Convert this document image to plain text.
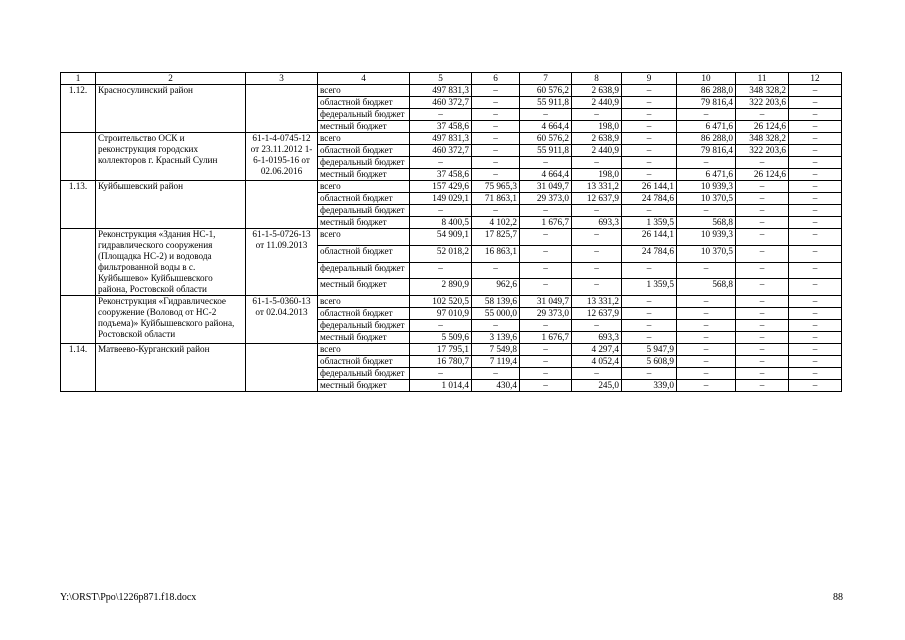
1	2	3	4	5	6	7	8	9	10	11	12
1.12.	Красносулинский район		всего	497 831,3	–	60 576,2	2 638,9	–	86 288,0	348 328,2	–
			областной бюджет	460 372,7	–	55 911,8	2 440,9	–	79 816,4	322 203,6	–
			федеральный бюджет	–	–	–	–	–	–	–	–
			местный бюджет	37 458,6	–	4 664,4	198,0	–	6 471,6	26 124,6	–
	Строительство ОСК и реконструкция городских коллекторов г. Красный Сулин	61-1-4-0745-12 от 23.11.2012 1-6-1-0195-16 от 02.06.2016	всего	497 831,3	–	60 576,2	2 638,9	–	86 288,0	348 328,2	–
			областной бюджет	460 372,7	–	55 911,8	2 440,9	–	79 816,4	322 203,6	–
			федеральный бюджет	–	–	–	–	–	–	–	–
			местный бюджет	37 458,6	–	4 664,4	198,0	–	6 471,6	26 124,6	–
1.13.	Куйбышевский район		всего	157 429,6	75 965,3	31 049,7	13 331,2	26 144,1	10 939,3	–	–
			областной бюджет	149 029,1	71 863,1	29 373,0	12 637,9	24 784,6	10 370,5	–	–
			федеральный бюджет	–	–	–	–	–	–	–	–
			местный бюджет	8 400,5	4 102,2	1 676,7	693,3	1 359,5	568,8	–	–
	Реконструкция «Здания НС-1, гидравлического сооружения (Площадка НС-2) и водовода фильтрованной воды в с. Куйбышево» Куйбышевского района, Ростовской области	61-1-5-0726-13 от 11.09.2013	всего	54 909,1	17 825,7	–	–	26 144,1	10 939,3	–	–
			областной бюджет	52 018,2	16 863,1	–	–	24 784,6	10 370,5	–	–
			федеральный бюджет	–	–	–	–	–	–	–	–
			местный бюджет	2 890,9	962,6	–	–	1 359,5	568,8	–	–
	Реконструкция «Гидравлическое сооружение (Воловод от НС-2 подъема)» Куйбышевского района, Ростовской области	61-1-5-0360-13 от 02.04.2013	всего	102 520,5	58 139,6	31 049,7	13 331,2	–	–	–	–
			областной бюджет	97 010,9	55 000,0	29 373,0	12 637,9	–	–	–	–
			федеральный бюджет	–	–	–	–	–	–	–	–
			местный бюджет	5 509,6	3 139,6	1 676,7	693,3	–	–	–	–
1.14.	Матвеево-Курганский район		всего	17 795,1	7 549,8	–	4 297,4	5 947,9	–	–	–
			областной бюджет	16 780,7	7 119,4	–	4 052,4	5 608,9	–	–	–
			федеральный бюджет	–	–	–	–	–	–	–	–
			местный бюджет	1 014,4	430,4	–	245,0	339,0	–	–	–
Y:\ORST\Ppo\1226p871.f18.docx	88
